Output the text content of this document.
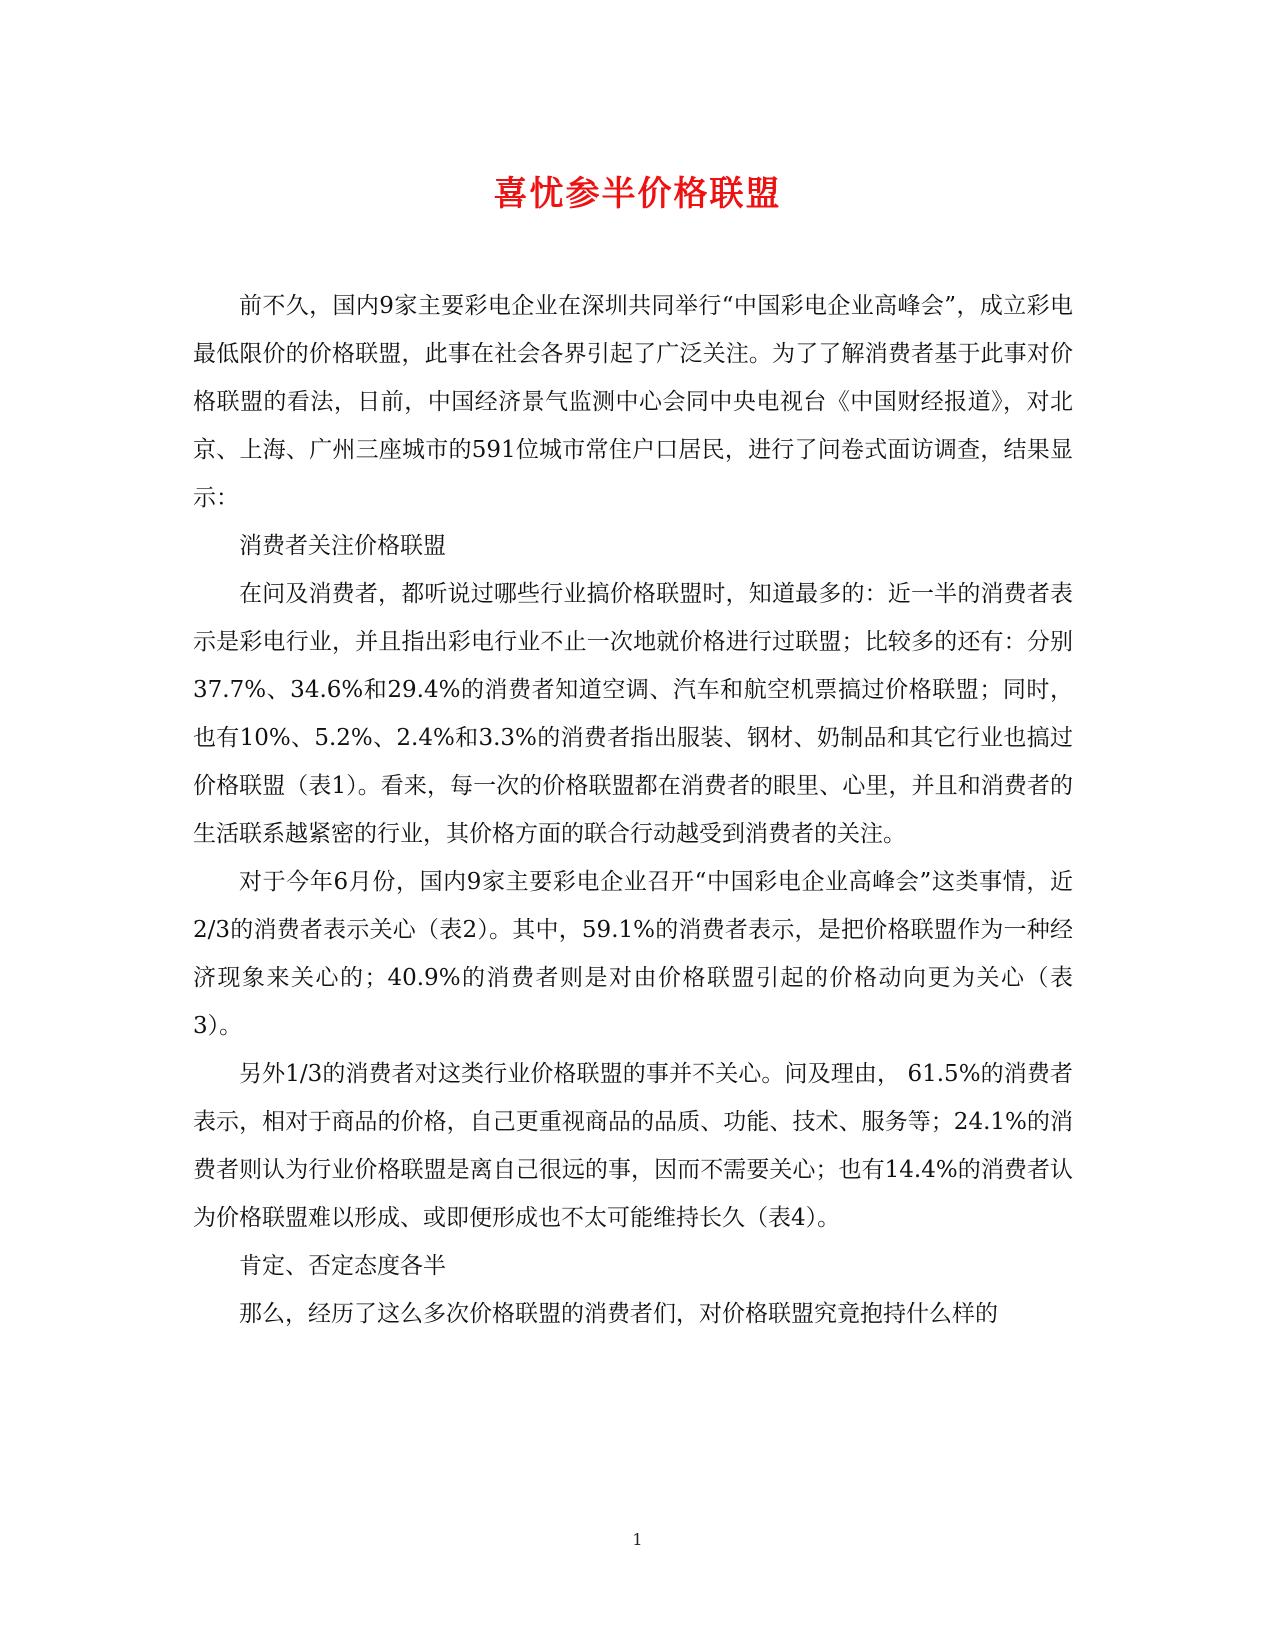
喜忧参半价格联盟

前不久，国内9家主要彩电企业在深圳共同举行“中国彩电企业高峰会”，成立彩电最低限价的价格联盟，此事在社会各界引起了广泛关注。为了了解消费者基于此事对价格联盟的看法，日前，中国经济景气监测中心会同中央电视台《中国财经报道》，对北京、上海、广州三座城市的591位城市常住户口居民，进行了问卷式面访调查，结果显示：

消费者关注价格联盟

在问及消费者，都听说过哪些行业搞价格联盟时，知道最多的：近一半的消费者表示是彩电行业，并且指出彩电行业不止一次地就价格进行过联盟；比较多的还有：分别37.7%、34.6%和29.4%的消费者知道空调、汽车和航空机票搞过价格联盟；同时，也有10%、5.2%、2.4%和3.3%的消费者指出服装、钢材、奶制品和其它行业也搞过价格联盟（表1）。看来，每一次的价格联盟都在消费者的眼里、心里，并且和消费者的生活联系越紧密的行业，其价格方面的联合行动越受到消费者的关注。

对于今年6月份，国内9家主要彩电企业召开“中国彩电企业高峰会”这类事情，近2/3的消费者表示关心（表2）。其中，59.1%的消费者表示，是把价格联盟作为一种经济现象来关心的；40.9%的消费者则是对由价格联盟引起的价格动向更为关心（表3）。

另外1/3的消费者对这类行业价格联盟的事并不关心。问及理由， 61.5%的消费者表示，相对于商品的价格，自己更重视商品的品质、功能、技术、服务等；24.1%的消费者则认为行业价格联盟是离自己很远的事，因而不需要关心；也有14.4%的消费者认为价格联盟难以形成、或即便形成也不太可能维持长久（表4）。

肯定、否定态度各半

那么，经历了这么多次价格联盟的消费者们，对价格联盟究竟抱持什么样的

1
